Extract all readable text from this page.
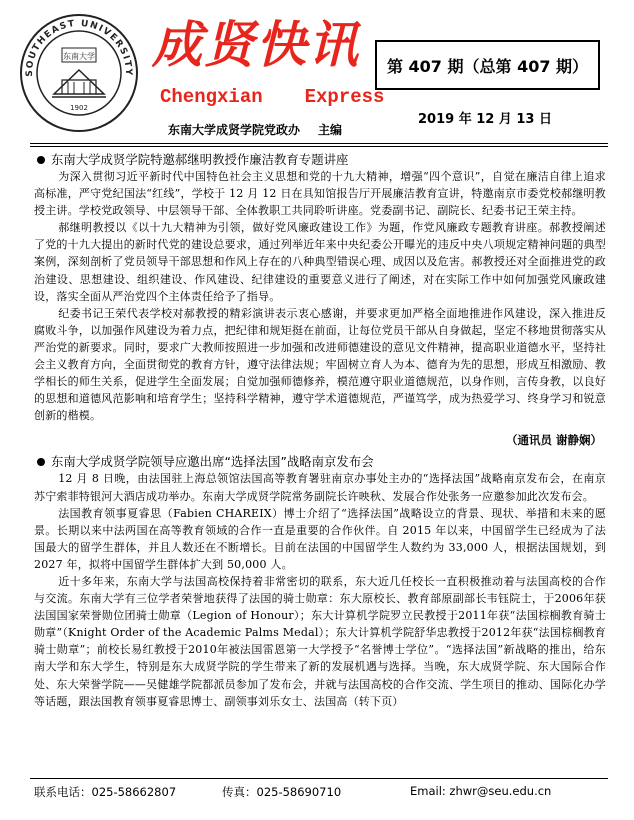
SOUTHEAST UNIVERSITY
东南大学
1902
成贤快讯
Chengxian Express
东南大学成贤学院党政办 主编
第 407 期（总第 407 期）
2019 年 12 月 13 日
东南大学成贤学院特邀郝继明教授作廉洁教育专题讲座

为深入贯彻习近平新时代中国特色社会主义思想和党的十九大精神，增强“四个意识”，自觉在廉洁自律上追求高标准，严守党纪国法“红线”，学校于 12 月 12 日在具知馆报告厅开展廉洁教育宣讲，特邀南京市委党校郝继明教授主讲。学校党政领导、中层领导干部、全体教职工共同聆听讲座。党委副书记、副院长、纪委书记王荣主持。

郝继明教授以《以十九大精神为引领，做好党风廉政建设工作》为题，作党风廉政专题教育讲座。郝教授阐述了党的十九大提出的新时代党的建设总要求，通过列举近年来中央纪委公开曝光的违反中央八项规定精神问题的典型案例，深刻剖析了党员领导干部思想和作风上存在的八种典型错误心理、成因以及危害。郝教授还对全面推进党的政治建设、思想建设、组织建设、作风建设、纪律建设的重要意义进行了阐述，对在实际工作中如何加强党风廉政建设，落实全面从严治党四个主体责任给予了指导。

纪委书记王荣代表学校对郝教授的精彩演讲表示衷心感谢，并要求更加严格全面地推进作风建设，深入推进反腐败斗争，以加强作风建设为着力点，把纪律和规矩挺在前面，让每位党员干部从自身做起，坚定不移地贯彻落实从严治党的新要求。同时，要求广大教师按照进一步加强和改进师德建设的意见文件精神，提高职业道德水平，坚持社会主义教育方向，全面贯彻党的教育方针，遵守法律法规；牢固树立育人为本、德育为先的思想，形成互相激励、教学相长的师生关系，促进学生全面发展；自觉加强师德修养，模范遵守职业道德规范，以身作则，言传身教，以良好的思想和道德风范影响和培育学生；坚持科学精神，遵守学术道德规范，严谨笃学，成为热爱学习、终身学习和锐意创新的楷模。

（通讯员 谢静娴）
东南大学成贤学院领导应邀出席“选择法国”战略南京发布会

12 月 8 日晚，由法国驻上海总领馆法国高等教育署驻南京办事处主办的“选择法国”战略南京发布会，在南京苏宁索菲特银河大酒店成功举办。东南大学成贤学院常务副院长许映秋、发展合作处张务一应邀参加此次发布会。

法国教育领事夏睿思（Fabien CHAREIX）博士介绍了“选择法国”战略设立的背景、现状、举措和未来的愿景。长期以来中法两国在高等教育领域的合作一直是重要的合作伙伴。自 2015 年以来，中国留学生已经成为了法国最大的留学生群体，并且人数还在不断增长。目前在法国的中国留学生人数约为 33,000 人，根据法国规划，到 2027 年，拟将中国留学生群体扩大到 50,000 人。

近十多年来，东南大学与法国高校保持着非常密切的联系，东大近几任校长一直积极推动着与法国高校的合作与交流。东南大学有三位学者荣誉地获得了法国的骑士勋章：东大原校长、教育部原副部长韦钰院士，于2006年获法国国家荣誉勋位团骑士勋章（Legion of Honour）；东大计算机学院罗立民教授于2011年获“法国棕榈教育骑士勋章”（Knight Order of the Academic Palms Medal）；东大计算机学院舒华忠教授于2012年获“法国棕榈教育骑士勋章”；前校长易红教授于2010年被法国雷恩第一大学授予“名誉博士学位”。“选择法国”新战略的推出，给东南大学和东大学生，特别是东大成贤学院的学生带来了新的发展机遇与选择。当晚，东大成贤学院、东大国际合作处、东大荣誉学院——吴健雄学院都派员参加了发布会，并就与法国高校的合作交流、学生项目的推动、国际化办学等话题，跟法国教育领事夏睿思博士、副领事刘乐女士、法国高（转下页）

联系电话：025-58662807	传真：025-58690710	Email: zhwr@seu.edu.cn
